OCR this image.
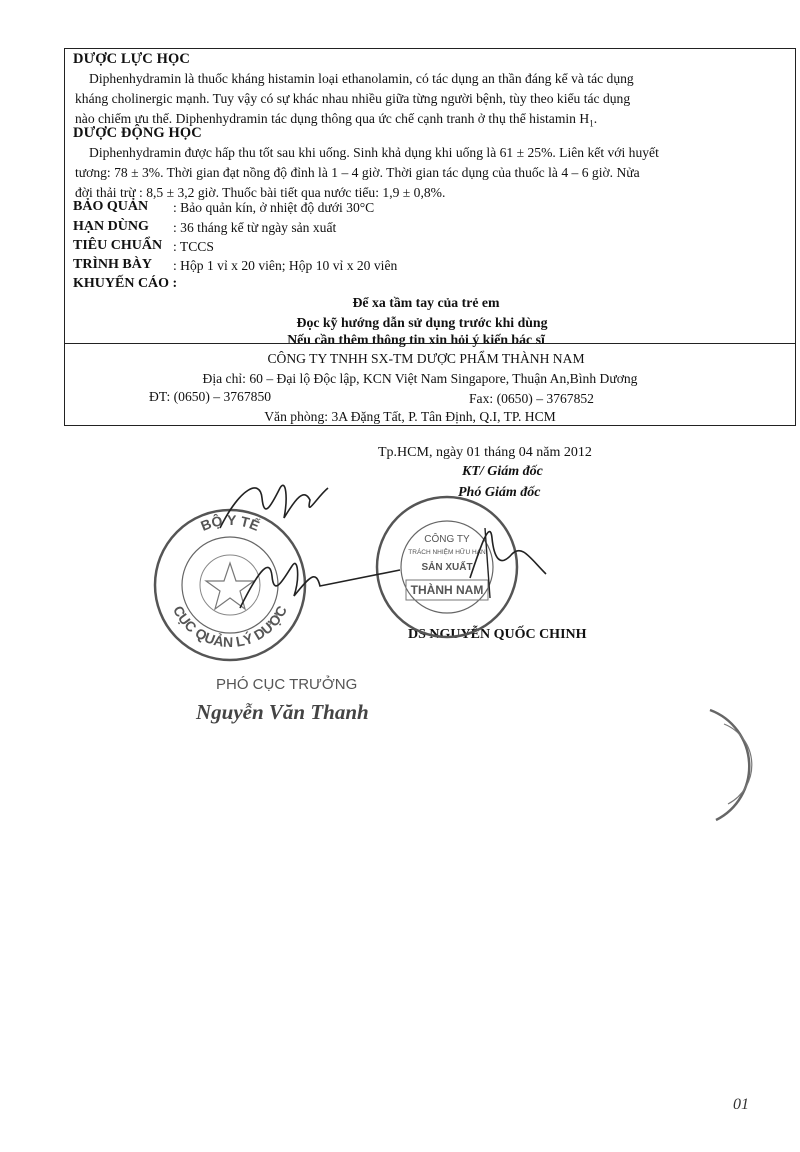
DƯỢC LỰC HỌC
Diphenhydramin là thuốc kháng histamin loại ethanolamin, có tác dụng an thần đáng kể và tác dụng
kháng cholinergic mạnh. Tuy vậy có sự khác nhau nhiều giữa từng người bệnh, tùy theo kiểu tác dụng
nào chiếm ưu thế. Diphenhydramin tác dụng thông qua ức chế cạnh tranh ở thụ thể histamin $H_1$.
DƯỢC ĐỘNG HỌC
Diphenhydramin được hấp thu tốt sau khi uống. Sinh khả dụng khi uống là 61 ± 25%. Liên kết với huyết
tương: 78 ± 3%. Thời gian đạt nồng độ đỉnh là 1 – 4 giờ. Thời gian tác dụng của thuốc là 4 – 6 giờ. Nửa
đời thải trừ : 8,5 ± 3,2 giờ. Thuốc bài tiết qua nước tiểu: 1,9 ± 0,8%.
BẢO QUẢN : Bảo quản kín, ở nhiệt độ dưới 30°C
HẠN DÙNG : 36 tháng kể từ ngày sản xuất
TIÊU CHUẨN : TCCS
TRÌNH BÀY : Hộp 1 vỉ x 20 viên; Hộp 10 vỉ x 20 viên
KHUYẾN CÁO :
Để xa tầm tay của trẻ em
Đọc kỹ hướng dẫn sử dụng trước khi dùng
Nếu cần thêm thông tin xin hỏi ý kiến bác sĩ
CÔNG TY TNHH SX-TM DƯỢC PHẨM THÀNH NAM
Địa chỉ: 60 – Đại lộ Độc lập, KCN Việt Nam Singapore, Thuận An,Bình Dương
ĐT: (0650) – 3767850	Fax: (0650) – 3767852
Văn phòng: 3A Đặng Tất, P. Tân Định, Q.I, TP. HCM
Tp.HCM, ngày 01 tháng 04 năm 2012
KT/ Giám đốc
Phó Giám đốc
DS NGUYỄN QUỐC CHINH
BỘ Y TẾ
CỤC QUẢN LÝ DƯỢC
CÔNG TY
TRÁCH NHIỆM HỮU HẠN
SẢN XUẤT
THÀNH NAM
PHÓ CỤC TRƯỞNG
Nguyễn Văn Thanh
01
